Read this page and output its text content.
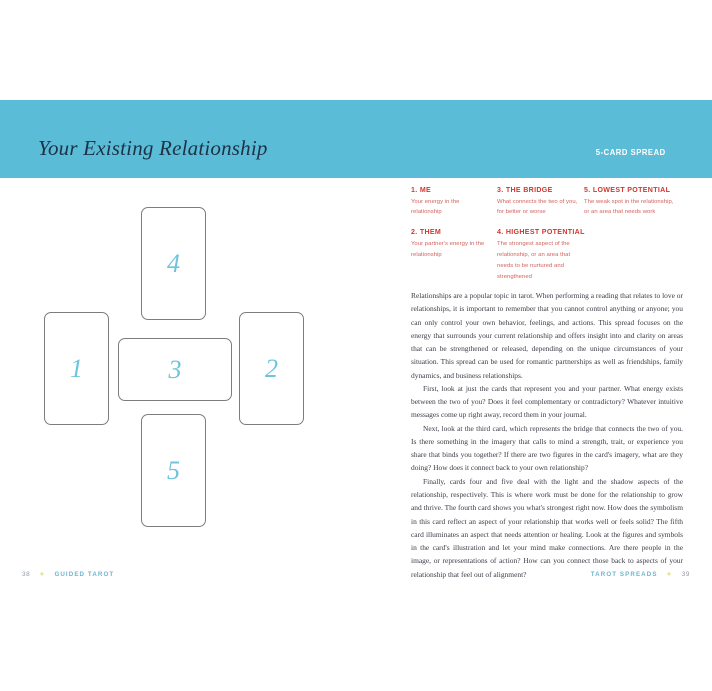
Your Existing Relationship	5-CARD SPREAD
4
1	3	2
5
1. ME
Your energy in the relationship
2. THEM
Your partner's energy in the relationship
3. THE BRIDGE
What connects the two of you, for better or worse
4. HIGHEST POTENTIAL
The strongest aspect of the relationship, or an area that needs to be nurtured and strengthened
5. LOWEST POTENTIAL
The weak spot in the relationship, or an area that needs work

Relationships are a popular topic in tarot. When performing a reading that relates to love or relationships, it is important to remember that you cannot control anything or anyone; you can only control your own behavior, feelings, and actions. This spread focuses on the energy that surrounds your current relationship and offers insight into and clarity on areas that can be strengthened or released, depending on the unique circumstances of your situation. This spread can be used for romantic partnerships as well as friendships, family dynamics, and business relationships.

First, look at just the cards that represent you and your partner. What energy exists between the two of you? Does it feel complementary or contradictory? Whatever intuitive messages come up right away, record them in your journal.

Next, look at the third card, which represents the bridge that connects the two of you. Is there something in the imagery that calls to mind a strength, trait, or experience you share that binds you together? If there are two figures in the card's imagery, what are they doing? How does it connect back to your own relationship?

Finally, cards four and five deal with the light and the shadow aspects of the relationship, respectively. This is where work must be done for the relationship to grow and thrive. The fourth card shows you what's strongest right now. How does the symbolism in this card reflect an aspect of your relationship that works well or feels solid? The fifth card illuminates an aspect that needs attention or healing. Look at the figures and symbols in the card's illustration and let your mind make connections. Are there people in the image, or representations of action? How can you connect those back to aspects of your relationship that feel out of alignment?

38 ✦ GUIDED TAROT	TAROT SPREADS ✦ 39
